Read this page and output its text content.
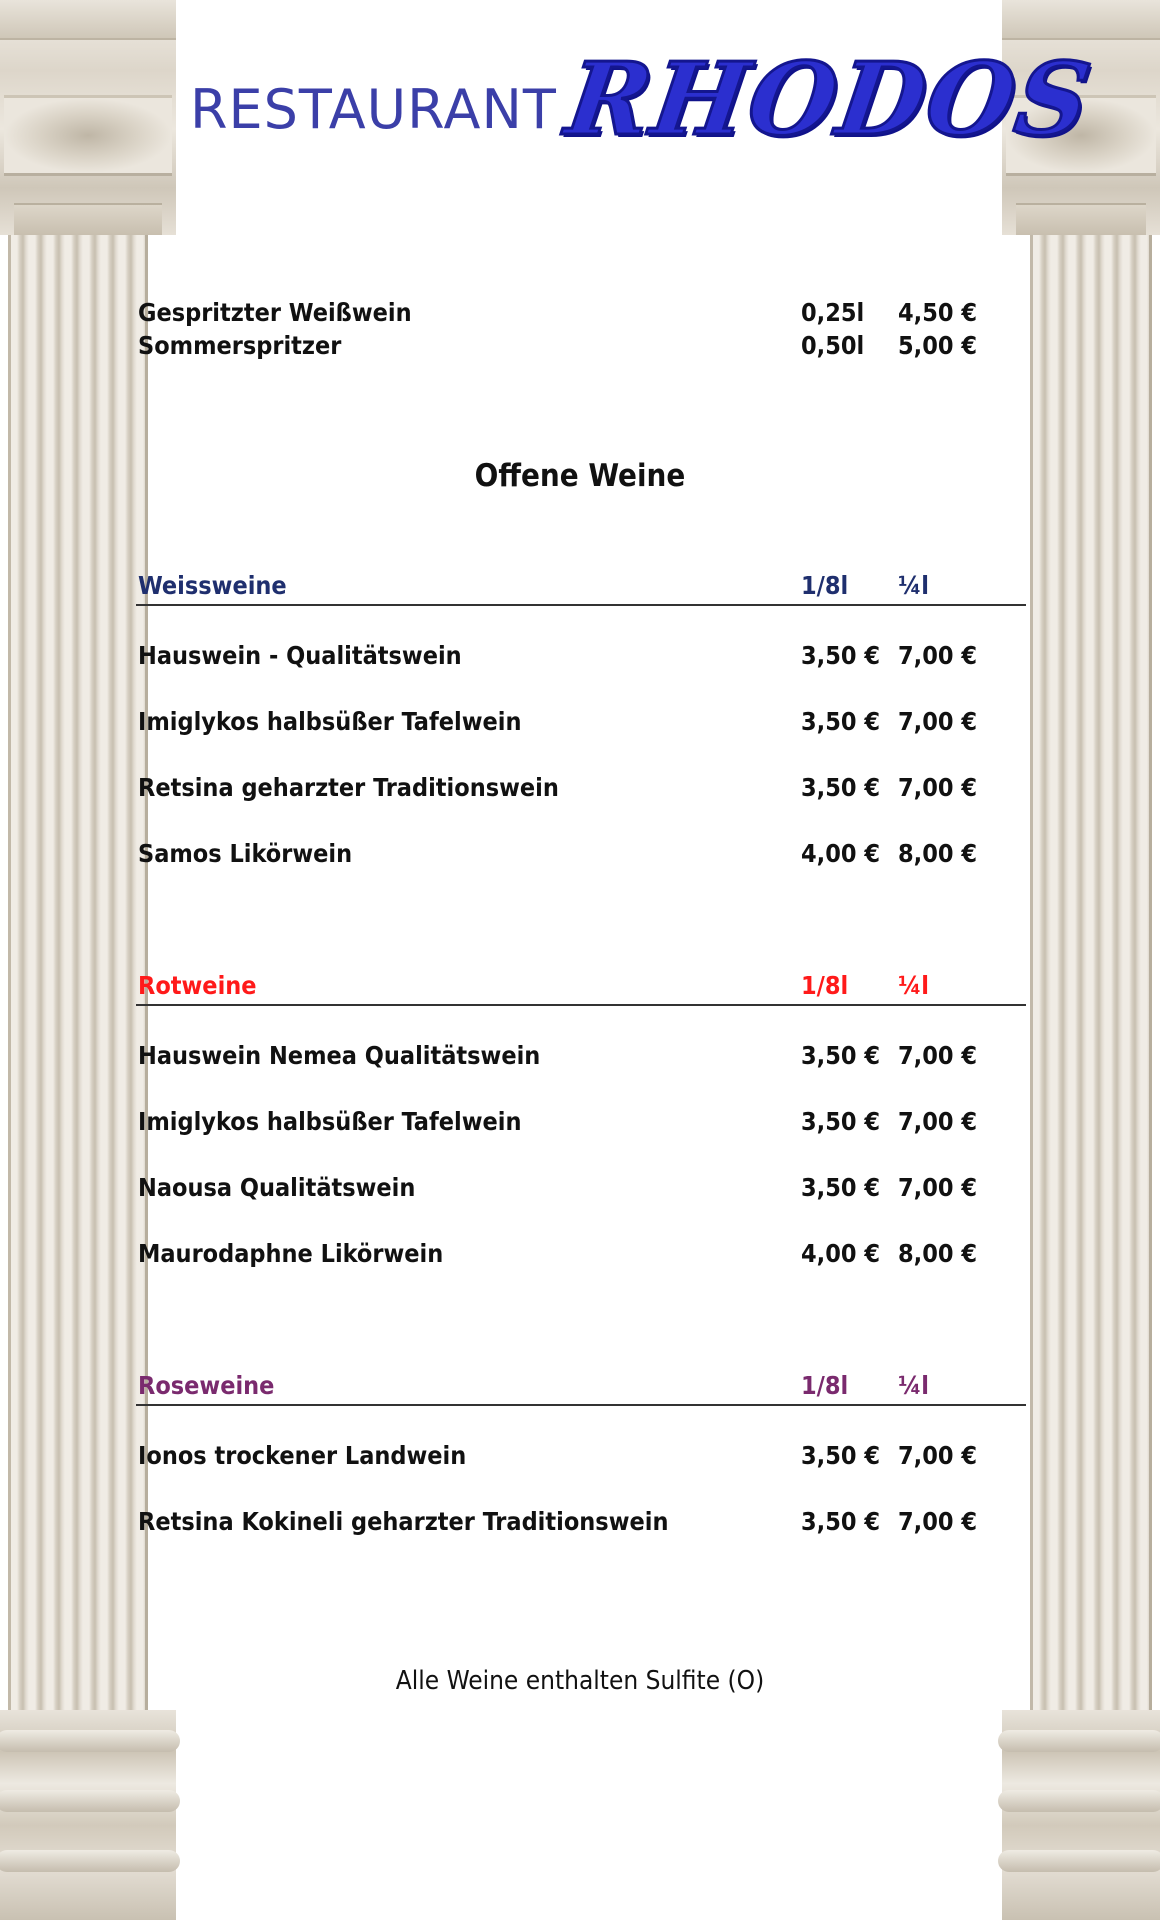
RESTAURANT RHODOS
Gespritzter Weißwein	0,25l 4,50 €
Sommerspritzer	0,50l 5,00 €
Offene Weine
Weissweine	1/8l ¼l
Hauswein - Qualitätswein	3,50 € 7,00 €
Imiglykos halbsüßer Tafelwein	3,50 € 7,00 €
Retsina geharzter Traditionswein	3,50 € 7,00 €
Samos Likörwein	4,00 € 8,00 €
Rotweine	1/8l ¼l
Hauswein Nemea Qualitätswein	3,50 € 7,00 €
Imiglykos halbsüßer Tafelwein	3,50 € 7,00 €
Naousa Qualitätswein	3,50 € 7,00 €
Maurodaphne Likörwein	4,00 € 8,00 €
Roseweine	1/8l ¼l
Ionos trockener Landwein	3,50 € 7,00 €
Retsina Kokineli geharzter Traditionswein	3,50 € 7,00 €
Alle Weine enthalten Sulfite (O)
